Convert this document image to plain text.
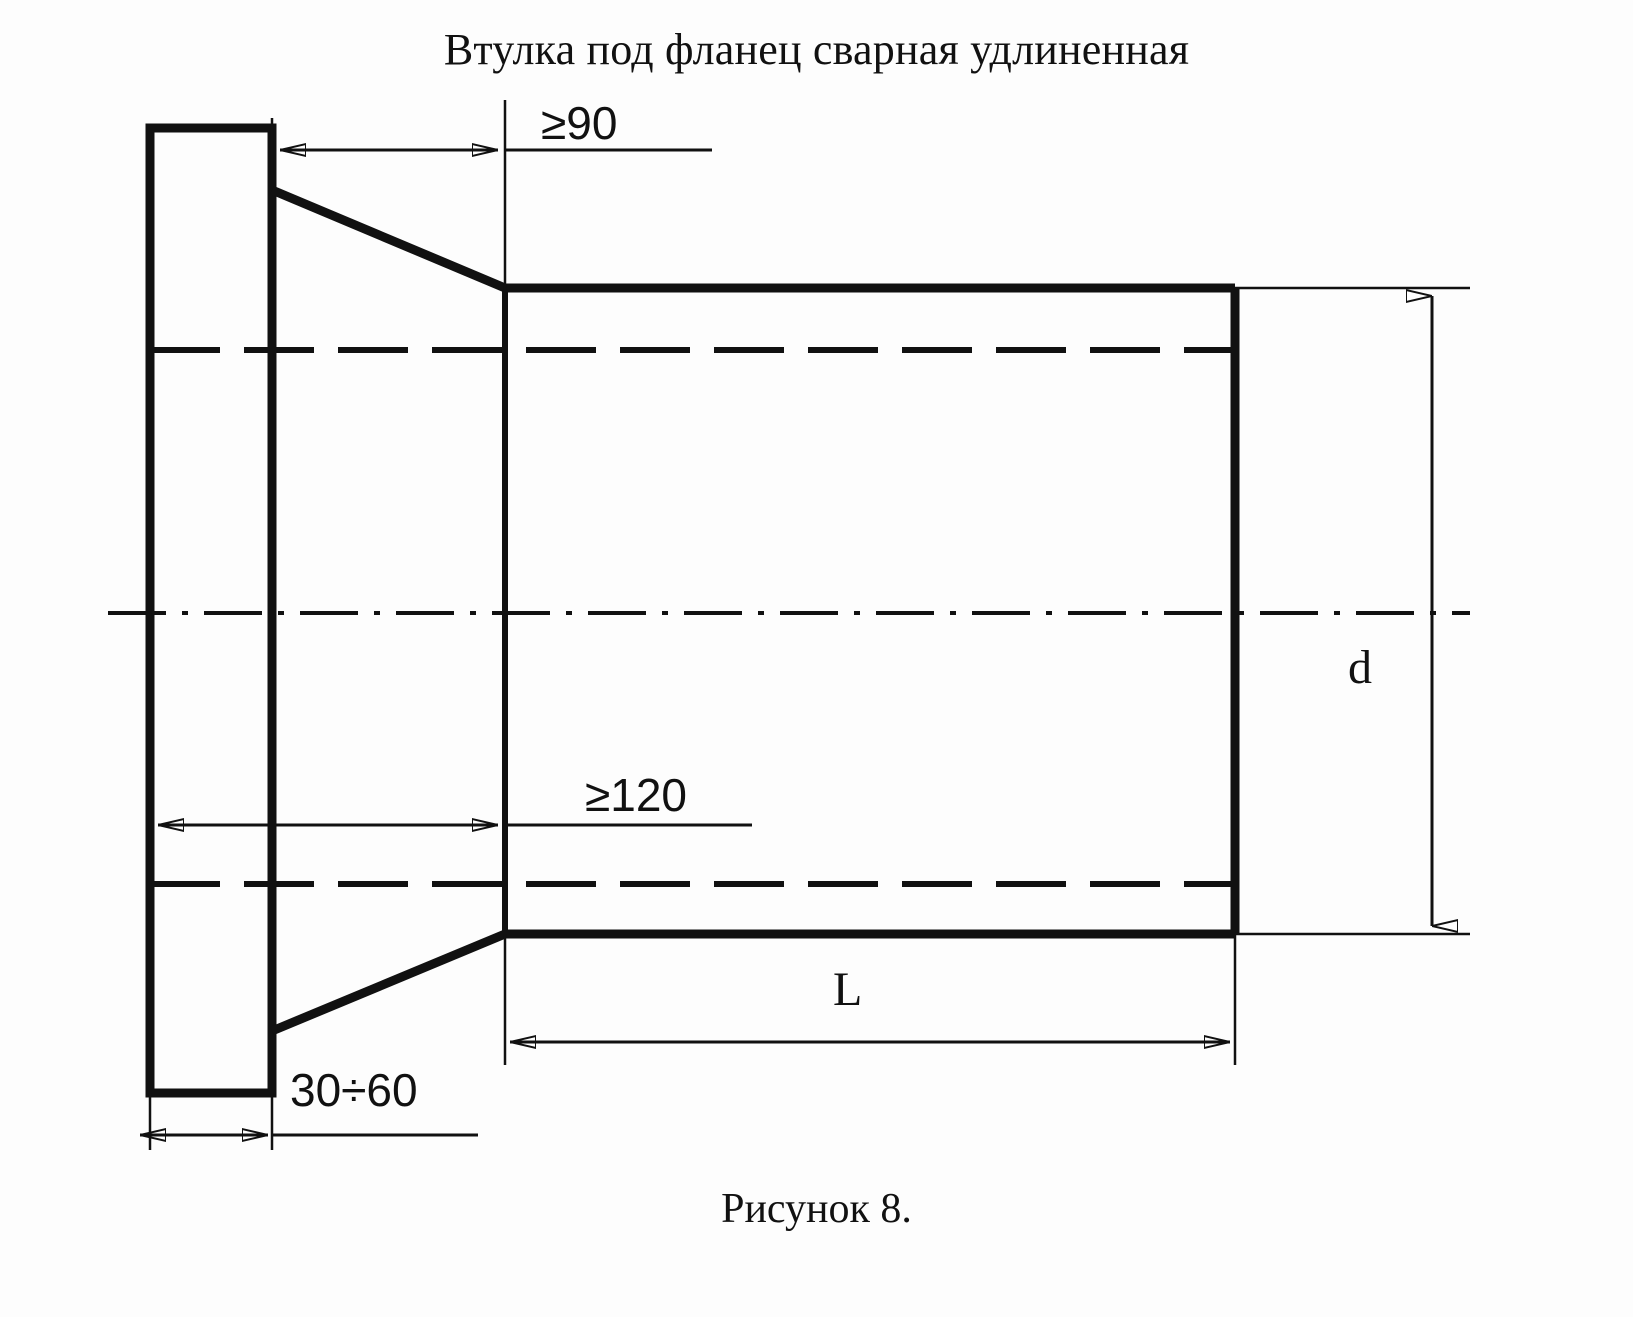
Втулка под фланец сварная удлиненная
≥90
≥120
30÷60
L
d
Рисунок 8.
